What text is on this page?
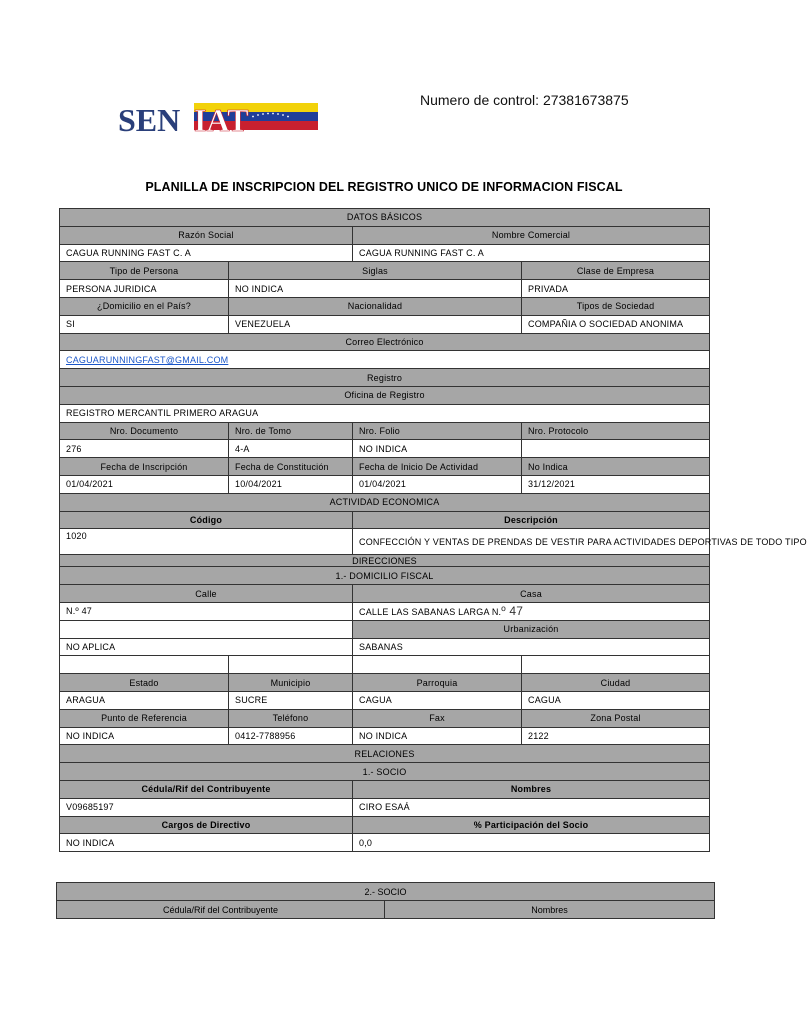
SEN IAT
Numero de control: 27381673875
PLANILLA DE INSCRIPCION DEL REGISTRO UNICO DE INFORMACION FISCAL
DATOS BÁSICOS			
Razón Social		Nombre Comercial	
CAGUA RUNNING FAST C. A		CAGUA RUNNING FAST C. A	
Tipo de Persona	Siglas		Clase de Empresa
PERSONA JURIDICA	NO INDICA		PRIVADA
¿Domicilio en el País?	Nacionalidad		Tipos de Sociedad
SI	VENEZUELA		COMPAÑIA O SOCIEDAD ANONIMA
Correo Electrónico			
CAGUARUNNINGFAST@GMAIL.COM			
Registro			
Oficina de Registro			
REGISTRO MERCANTIL PRIMERO ARAGUA			
Nro. Documento	Nro. de Tomo	Nro. Folio	Nro. Protocolo
276	4-A	NO INDICA	
Fecha de Inscripción	Fecha de Constitución	Fecha de Inicio De Actividad	No Indica
01/04/2021	10/04/2021	01/04/2021	31/12/2021
ACTIVIDAD ECONOMICA			
Código		Descripción	
1020		CONFECCIÓN Y VENTAS DE PRENDAS DE VESTIR PARA ACTIVIDADES DEPORTIVAS DE TODO TIPO	
DIRECCIONES			
1.- DOMICILIO FISCAL			
Calle		Casa	
N.º 47		CALLE LAS SABANAS LARGA N.º 47	
		Urbanización	
NO APLICA		SABANAS	

Estado	Municipio	Parroquia	Ciudad
ARAGUA	SUCRE	CAGUA	CAGUA
Punto de Referencia	Teléfono	Fax	Zona Postal
NO INDICA	0412-7788956	NO INDICA	2122
RELACIONES			
1.- SOCIO			
Cédula/Rif del Contribuyente		Nombres	
V09685197		CIRO ESAÁ	
Cargos de Directivo		% Participación del Socio	
NO INDICA		0,0	
2.- SOCIO
Cédula/Rif del Contribuyente	Nombres
